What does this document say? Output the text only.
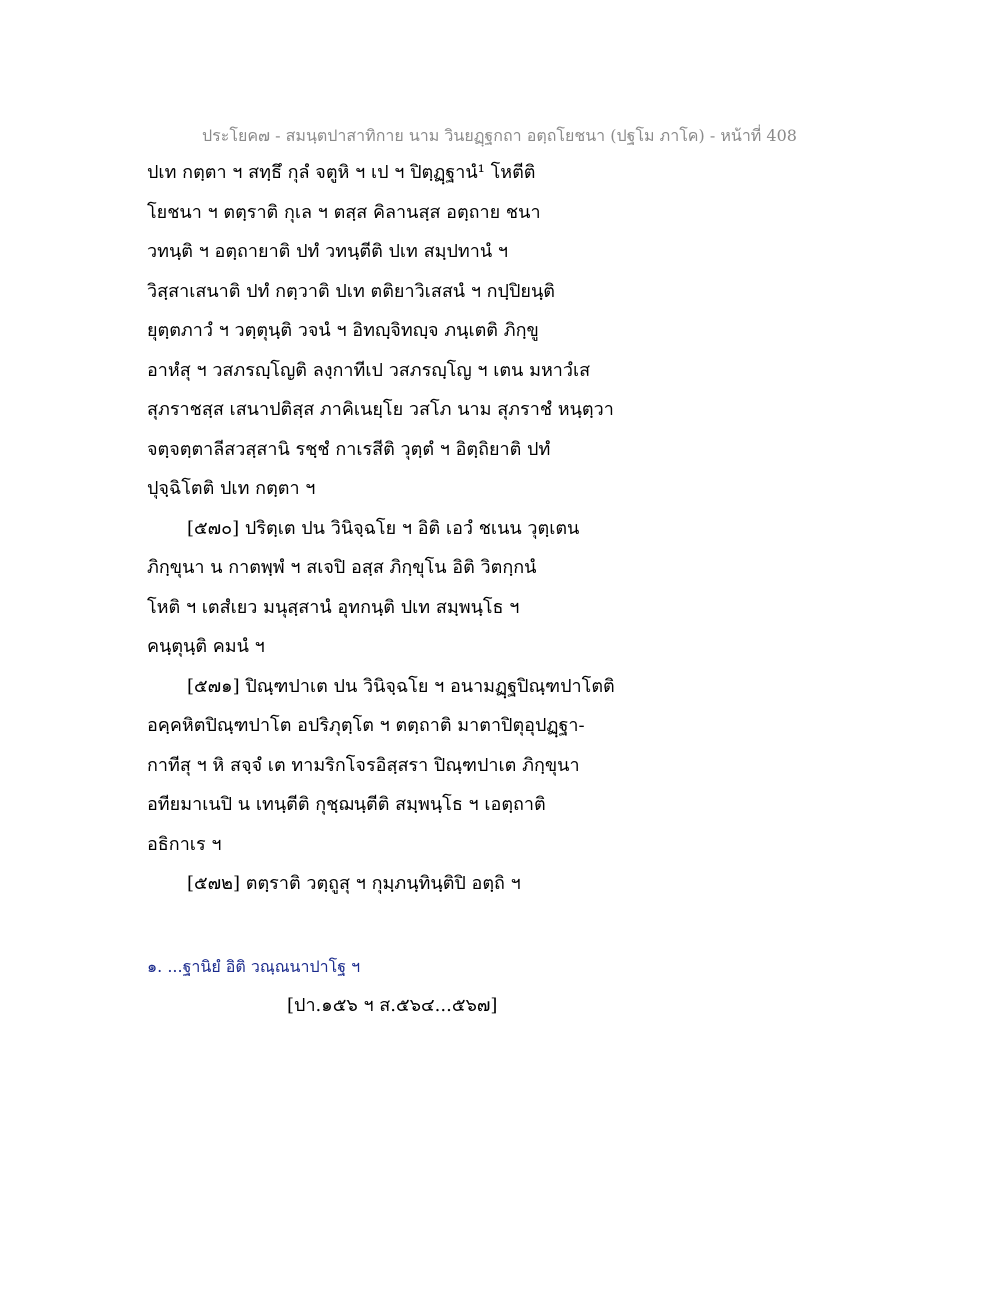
ประโยค๗ - สมนฺตปาสาทิกาย นาม วินยฏฺฐกถา อตฺถโยชนา (ปฐโม ภาโค) - หน้าที่ 408
ปเท กตฺตา ฯ สทฺธึ กุลํ จตูหิ ฯ เป ฯ ปิตฺฏฺฐานํ¹ โหตีติ
โยชนา ฯ ตตฺราติ กุเล ฯ ตสฺส คิลานสฺส อตฺถาย ชนา
วทนฺติ ฯ อตฺถายาติ ปทํ วทนฺตีติ ปเท สมฺปทานํ ฯ
วิสฺสาเสนาติ ปทํ กตฺวาติ ปเท ตติยาวิเสสนํ ฯ กปฺปิยนฺติ
ยุตฺตภาวํ ฯ วตฺตุนฺติ วจนํ ฯ อิทญฺจิทญฺจ ภนฺเตติ ภิกฺขู
อาหํสุ ฯ วสภรญฺโญติ ลงฺกาทีเป วสภรญฺโญ ฯ เตน มหาวํเส
สุภราชสฺส เสนาปติสฺส ภาคิเนยฺโย วสโภ นาม สุภราชํ หนฺตฺวา
จตฺจตฺตาลีสวสฺสานิ รชฺชํ กาเรสีติ วุตฺตํ ฯ อิตฺถิยาติ ปทํ
ปุจฺฉิโตติ ปเท กตฺตา ฯ
[๕๗๐] ปริตฺเต ปน วินิจฺฉโย ฯ อิติ เอวํ ชเนน วุตฺเตน
ภิกฺขุนา น กาตพฺพํ ฯ สเจปิ อสฺส ภิกฺขุโน อิติ วิตกฺกนํ
โหติ ฯ เตสํเยว มนุสฺสานํ อุทกนฺติ ปเท สมฺพนฺโธ ฯ
คนฺตุนฺติ คมนํ ฯ
[๕๗๑] ปิณฺฑปาเต ปน วินิจฺฉโย ฯ อนามฏฺฐปิณฺฑปาโตติ
อคฺคหิตปิณฺฑปาโต อปริภุตฺโต ฯ ตตฺถาติ มาตาปิตุอุปฏฺฐา-
กาทีสุ ฯ หิ สจฺจํ เต ทามริกโจรอิสฺสรา ปิณฺฑปาเต ภิกฺขุนา
อทียมาเนปิ น เทนฺตีติ กุชฺฌนฺตีติ สมฺพนฺโธ ฯ เอตฺถาติ
อธิกาเร ฯ
[๕๗๒] ตตฺราติ วตฺถูสุ ฯ กุมฺภนฺทินฺติปิ อตฺถิ ฯ
๑. ...ฐานิยํ อิติ วณฺณนาปาโฐ ฯ
[ปา.๑๕๖ ฯ ส.๕๖๔...๕๖๗]
